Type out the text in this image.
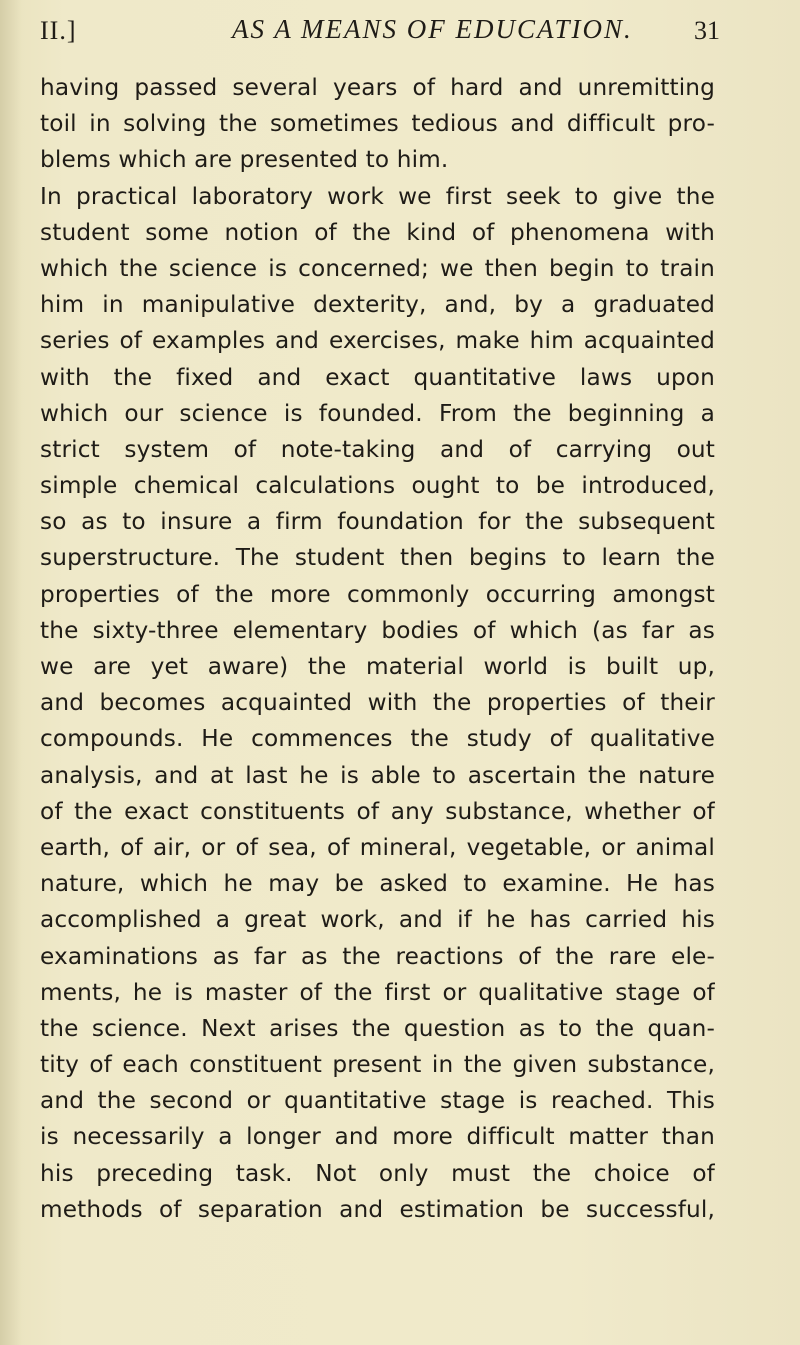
II.]	AS A MEANS OF EDUCATION. 31
having passed several years of hard and unremitting
toil in solving the sometimes tedious and difficult pro-
blems which are presented to him.
In practical laboratory work we first seek to give the
student some notion of the kind of phenomena with
which the science is concerned; we then begin to train
him in manipulative dexterity, and, by a graduated
series of examples and exercises, make him acquainted
with the fixed and exact quantitative laws upon
which our science is founded. From the beginning a
strict system of note-taking and of carrying out
simple chemical calculations ought to be introduced,
so as to insure a firm foundation for the subsequent
superstructure. The student then begins to learn the
properties of the more commonly occurring amongst
the sixty-three elementary bodies of which (as far as
we are yet aware) the material world is built up,
and becomes acquainted with the properties of their
compounds. He commences the study of qualitative
analysis, and at last he is able to ascertain the nature
of the exact constituents of any substance, whether of
earth, of air, or of sea, of mineral, vegetable, or animal
nature, which he may be asked to examine. He has
accomplished a great work, and if he has carried his
examinations as far as the reactions of the rare ele-
ments, he is master of the first or qualitative stage of
the science. Next arises the question as to the quan-
tity of each constituent present in the given substance,
and the second or quantitative stage is reached. This
is necessarily a longer and more difficult matter than
his preceding task. Not only must the choice of
methods of separation and estimation be successful,
